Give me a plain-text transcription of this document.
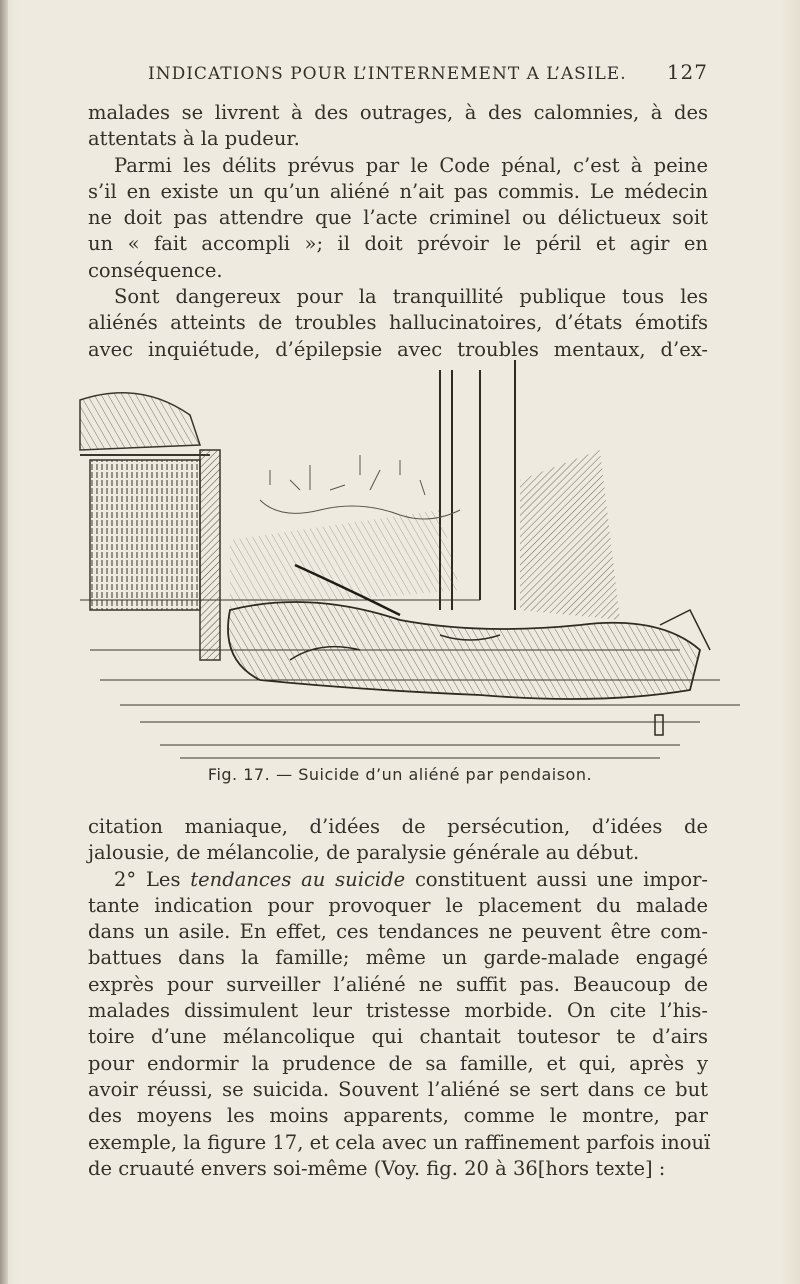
INDICATIONS POUR L’INTERNEMENT A L’ASILE. 127
malades se livrent à des outrages, à des calomnies, à des
attentats à la pudeur.
Parmi les délits prévus par le Code pénal, c’est à peine
s’il en existe un qu’un aliéné n’ait pas commis. Le médecin
ne doit pas attendre que l’acte criminel ou délictueux soit
un « fait accompli »; il doit prévoir le péril et agir en
conséquence.
Sont dangereux pour la tranquillité publique tous les
aliénés atteints de troubles hallucinatoires, d’états émotifs
avec inquiétude, d’épilepsie avec troubles mentaux, d’ex-
Fig. 17. — Suicide d’un aliéné par pendaison.
citation maniaque, d’idées de persécution, d’idées de
jalousie, de mélancolie, de paralysie générale au début.
2° Les tendances au suicide constituent aussi une impor-
tante indication pour provoquer le placement du malade
dans un asile. En effet, ces tendances ne peuvent être com-
battues dans la famille; même un garde-malade engagé
exprès pour surveiller l’aliéné ne suffit pas. Beaucoup de
malades dissimulent leur tristesse morbide. On cite l’his-
toire d’une mélancolique qui chantait toutesor te d’airs
pour endormir la prudence de sa famille, et qui, après y
avoir réussi, se suicida. Souvent l’aliéné se sert dans ce but
des moyens les moins apparents, comme le montre, par
exemple, la figure 17, et cela avec un raffinement parfois inouï
de cruauté envers soi-même (Voy. fig. 20 à 36[hors texte] :
